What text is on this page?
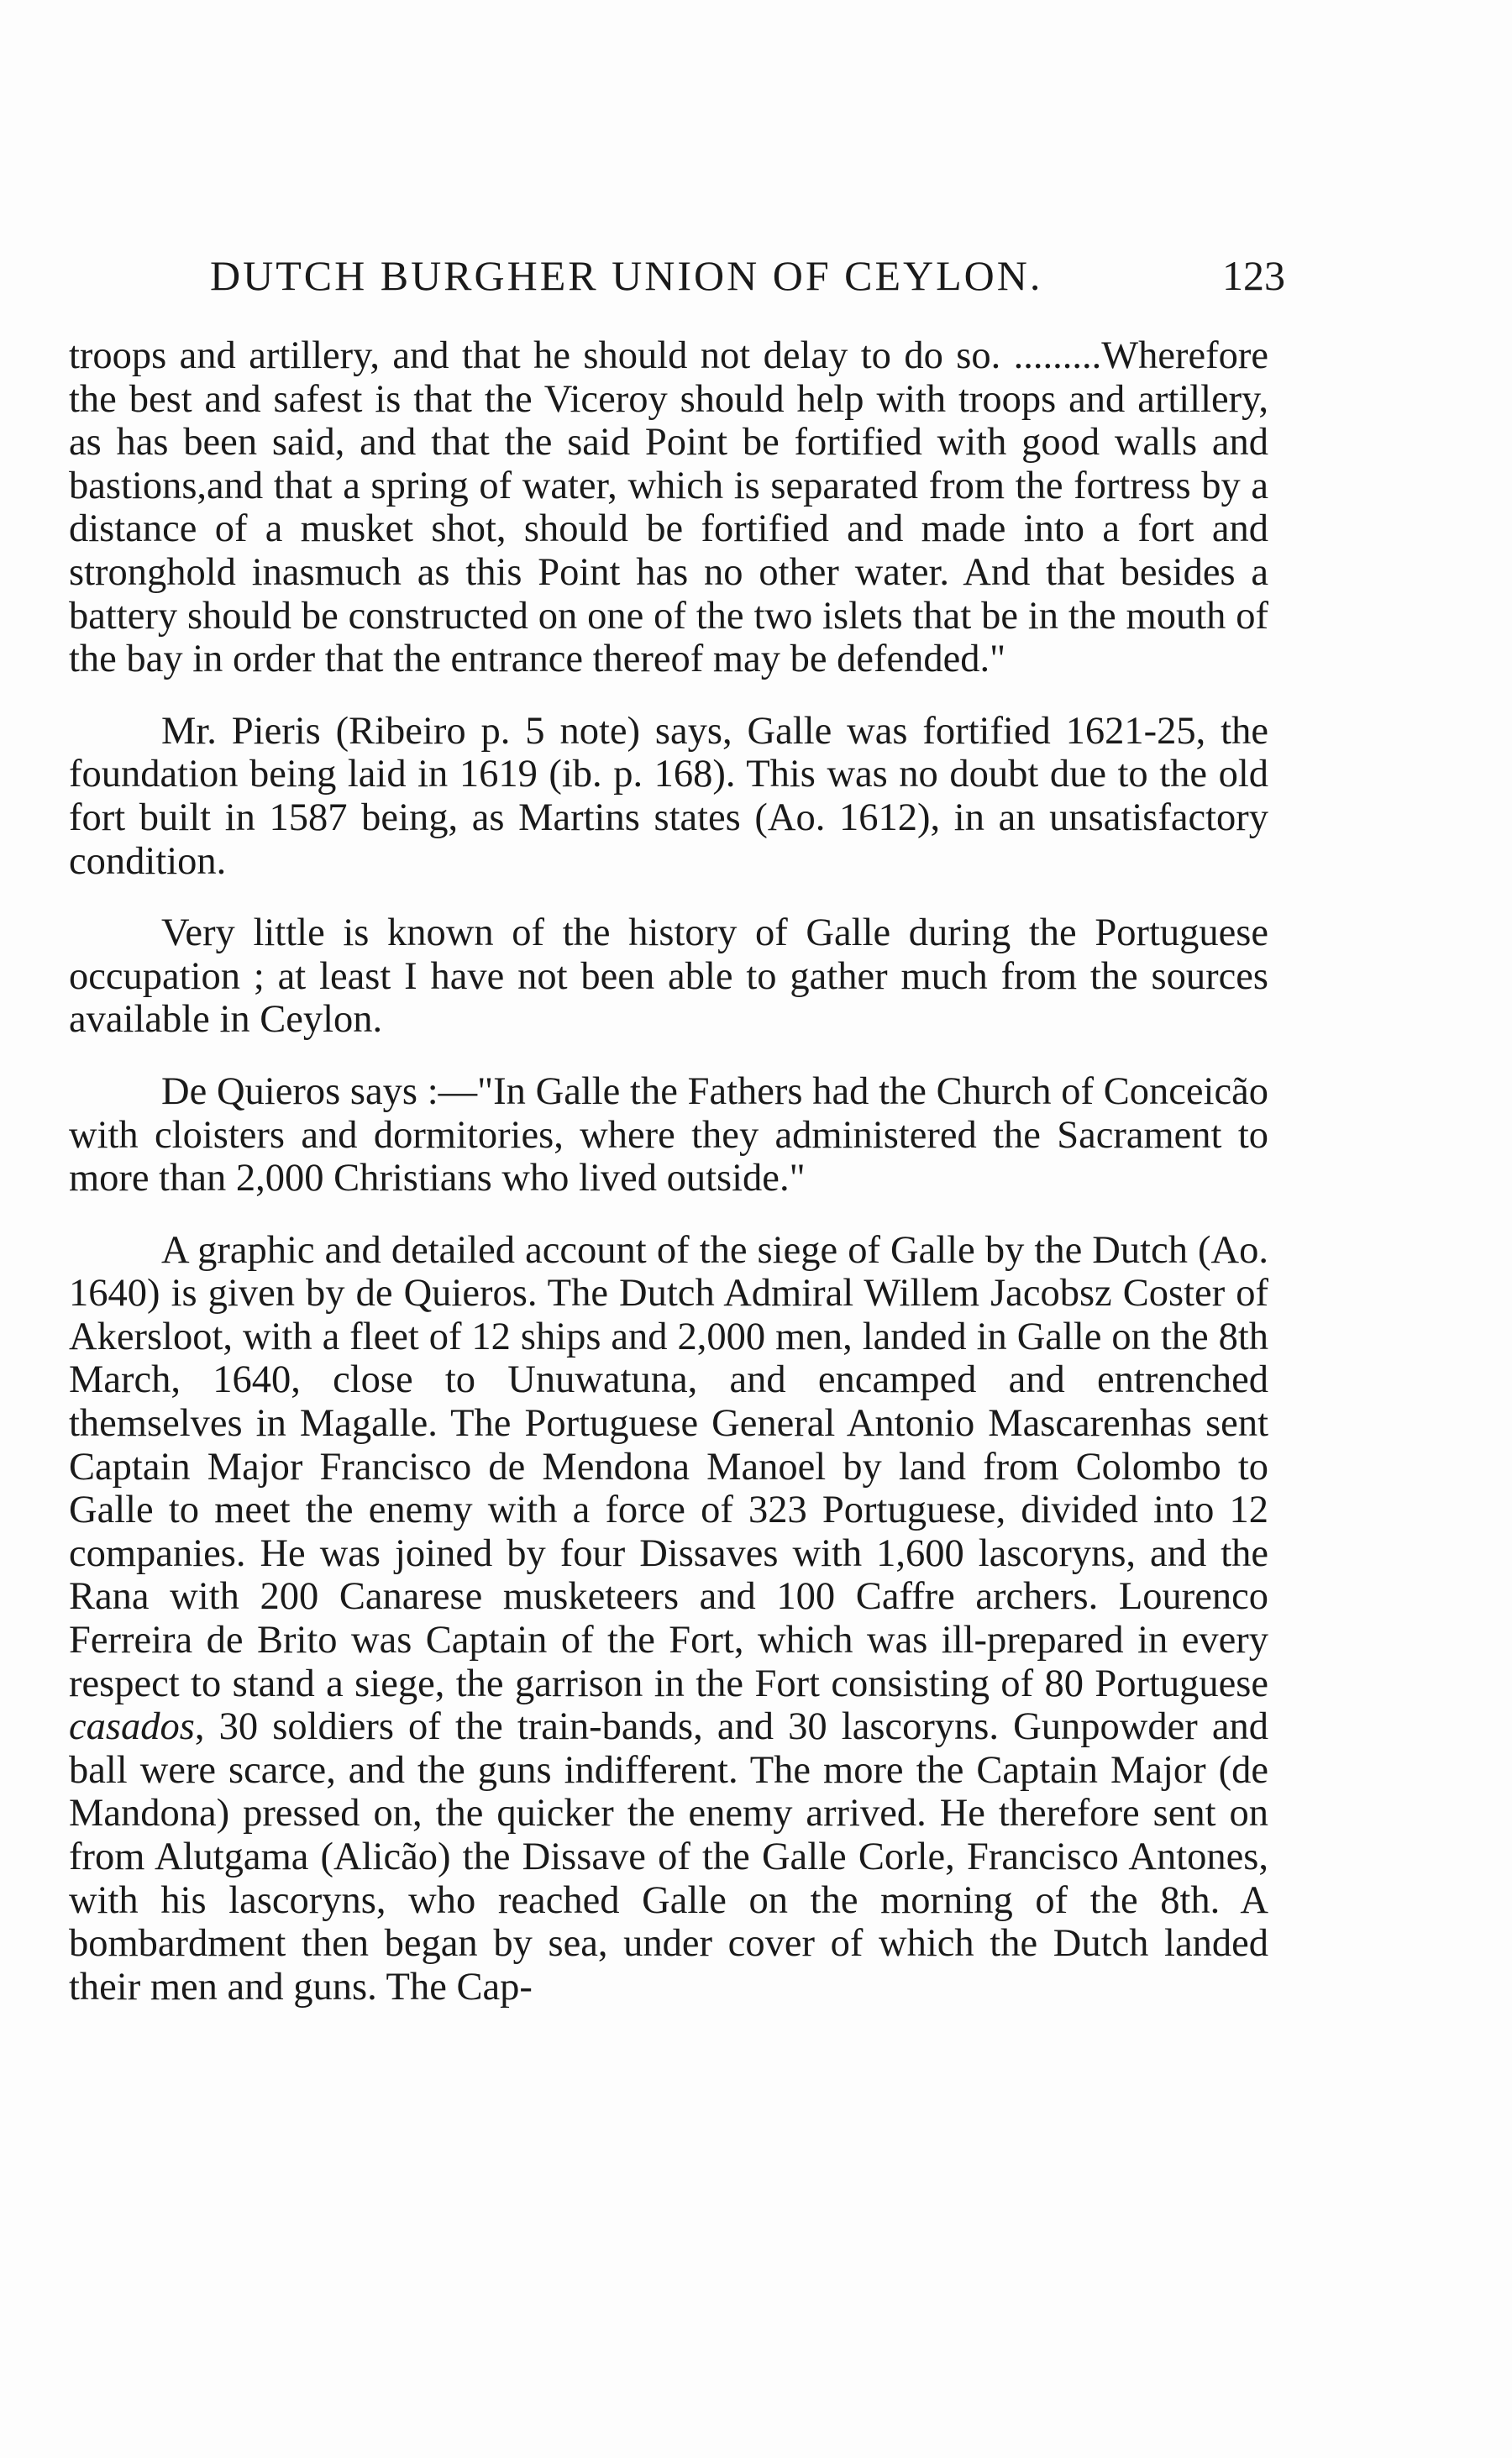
DUTCH BURGHER UNION OF CEYLON.	123

troops and artillery, and that he should not delay to do so. .........Wherefore the best and safest is that the Viceroy should help with troops and artillery, as has been said, and that the said Point be fortified with good walls and bastions,and that a spring of water, which is separated from the fortress by a distance of a musket shot, should be fortified and made into a fort and stronghold inasmuch as this Point has no other water. And that besides a battery should be constructed on one of the two islets that be in the mouth of the bay in order that the entrance thereof may be defended."

Mr. Pieris (Ribeiro p. 5 note) says, Galle was fortified 1621-25, the foundation being laid in 1619 (ib. p. 168). This was no doubt due to the old fort built in 1587 being, as Martins states (Ao. 1612), in an unsatisfactory condition.

Very little is known of the history of Galle during the Portuguese occupation ; at least I have not been able to gather much from the sources available in Ceylon.

De Quieros says :—"In Galle the Fathers had the Church of Conceicão with cloisters and dormitories, where they administered the Sacrament to more than 2,000 Christians who lived outside."

A graphic and detailed account of the siege of Galle by the Dutch (Ao. 1640) is given by de Quieros. The Dutch Admiral Willem Jacobsz Coster of Akersloot, with a fleet of 12 ships and 2,000 men, landed in Galle on the 8th March, 1640, close to Unuwatuna, and encamped and entrenched themselves in Magalle. The Portuguese General Antonio Mascarenhas sent Captain Major Francisco de Mendona Manoel by land from Colombo to Galle to meet the enemy with a force of 323 Portuguese, divided into 12 companies. He was joined by four Dissaves with 1,600 lascoryns, and the Rana with 200 Canarese musketeers and 100 Caffre archers. Lourenco Ferreira de Brito was Captain of the Fort, which was ill-prepared in every respect to stand a siege, the garrison in the Fort consisting of 80 Portuguese casados, 30 soldiers of the train-bands, and 30 lascoryns. Gunpowder and ball were scarce, and the guns indifferent. The more the Captain Major (de Mandona) pressed on, the quicker the enemy arrived. He therefore sent on from Alutgama (Alicão) the Dissave of the Galle Corle, Francisco Antones, with his lascoryns, who reached Galle on the morning of the 8th. A bombardment then began by sea, under cover of which the Dutch landed their men and guns. The Cap-
